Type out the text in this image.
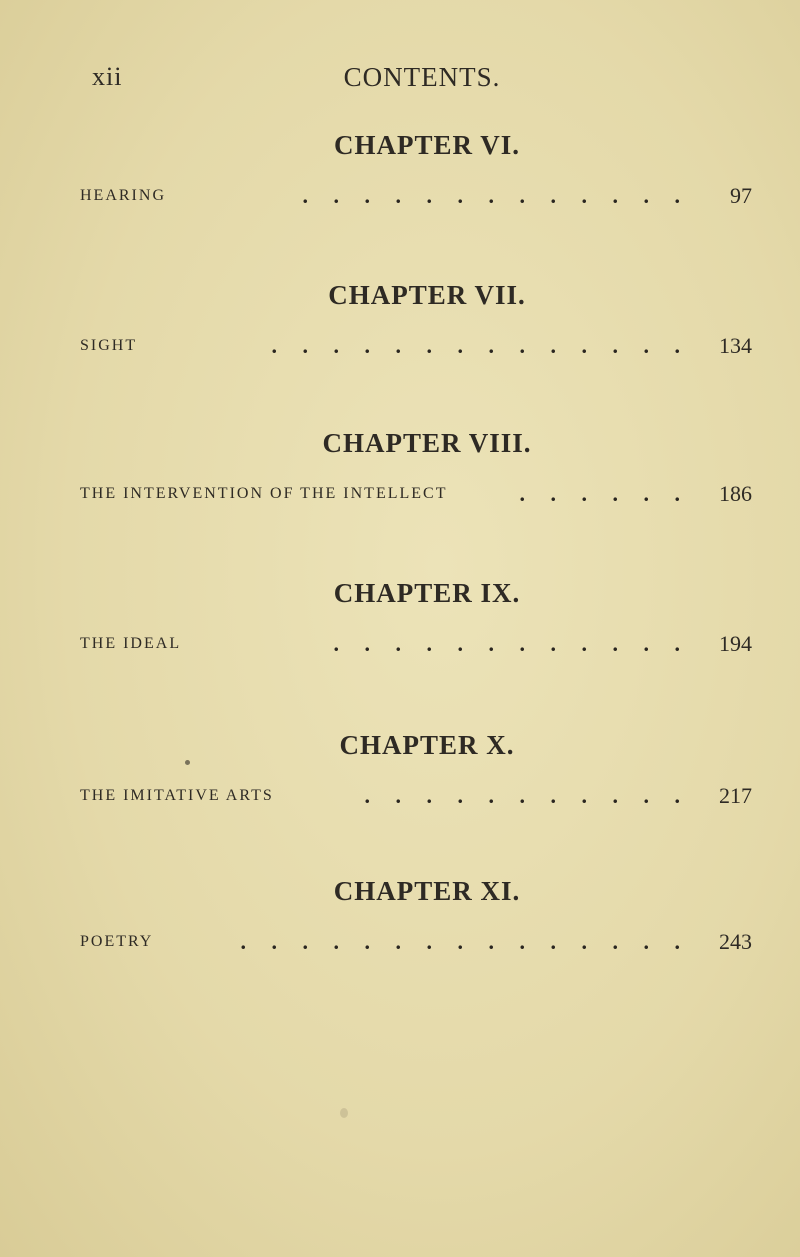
xii	CONTENTS.
CHAPTER VI.
HEARING	. . . . . . . . . . . . .	97
CHAPTER VII.
SIGHT	. . . . . . . . . . . . . .	134
CHAPTER VIII.
THE INTERVENTION OF THE INTELLECT	. . . . . .	186
CHAPTER IX.
THE IDEAL	. . . . . . . . . . . .	194
CHAPTER X.
THE IMITATIVE ARTS	. . . . . . . . . . .	217
CHAPTER XI.
POETRY	. . . . . . . . . . . . . . .	243
